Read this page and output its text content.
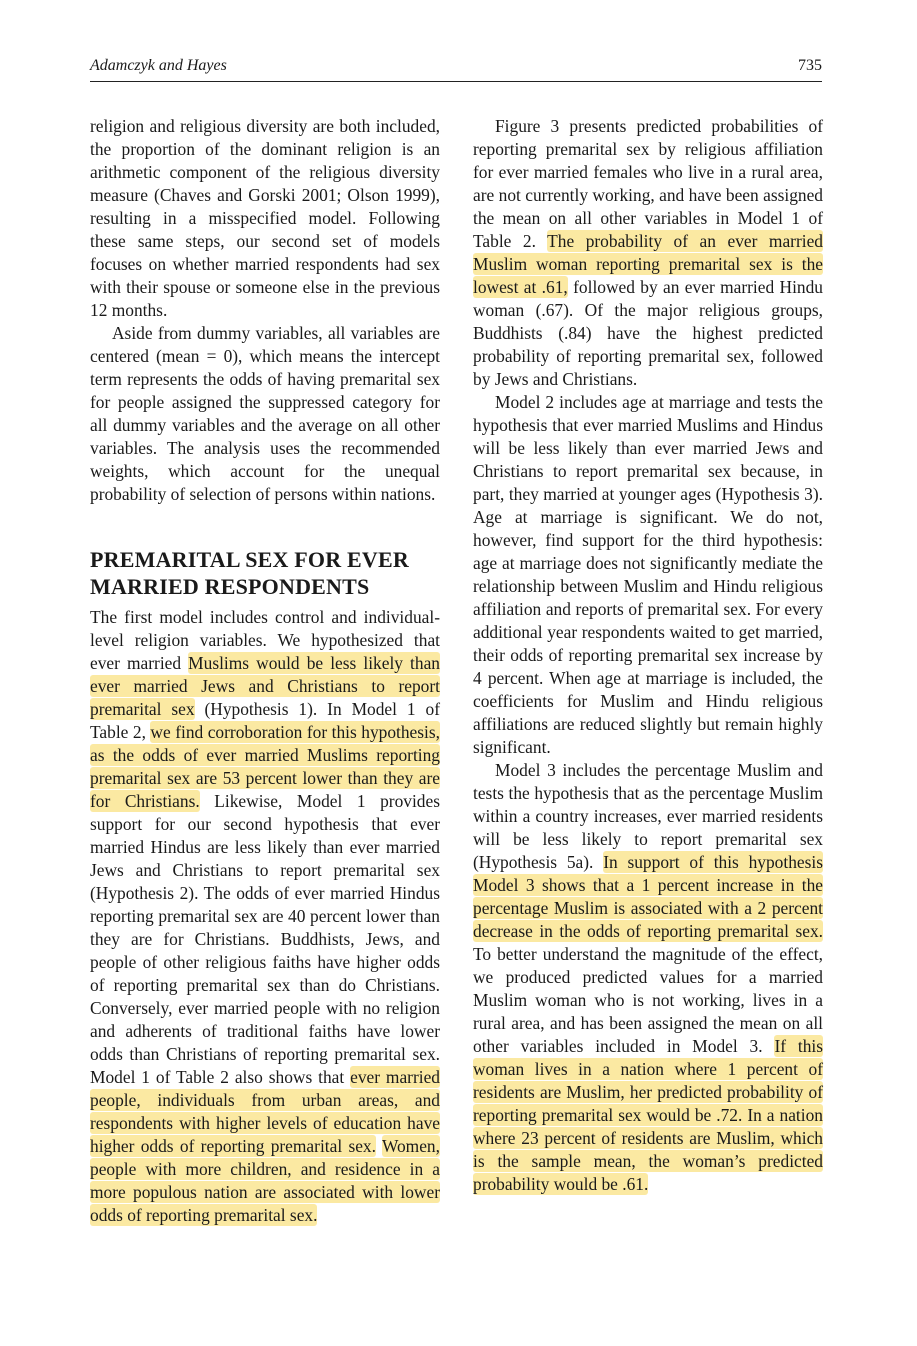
Adamczyk and Hayes	735

religion and religious diversity are both included, the proportion of the dominant religion is an arithmetic component of the religious diversity measure (Chaves and Gorski 2001; Olson 1999), resulting in a misspecified model. Following these same steps, our second set of models focuses on whether married respondents had sex with their spouse or someone else in the previous 12 months.

Aside from dummy variables, all variables are centered (mean = 0), which means the intercept term represents the odds of having premarital sex for people assigned the suppressed category for all dummy variables and the average on all other variables. The analysis uses the recommended weights, which account for the unequal probability of selection of persons within nations.

PREMARITAL SEX FOR EVER MARRIED RESPONDENTS

The first model includes control and individual-level religion variables. We hypothesized that ever married Muslims would be less likely than ever married Jews and Christians to report premarital sex (Hypothesis 1). In Model 1 of Table 2, we find corroboration for this hypothesis, as the odds of ever married Muslims reporting premarital sex are 53 percent lower than they are for Christians. Likewise, Model 1 provides support for our second hypothesis that ever married Hindus are less likely than ever married Jews and Christians to report premarital sex (Hypothesis 2). The odds of ever married Hindus reporting premarital sex are 40 percent lower than they are for Christians. Buddhists, Jews, and people of other religious faiths have higher odds of reporting premarital sex than do Christians. Conversely, ever married people with no religion and adherents of traditional faiths have lower odds than Christians of reporting premarital sex. Model 1 of Table 2 also shows that ever married people, individuals from urban areas, and respondents with higher levels of education have higher odds of reporting premarital sex. Women, people with more children, and residence in a more populous nation are associated with lower odds of reporting premarital sex.

Figure 3 presents predicted probabilities of reporting premarital sex by religious affiliation for ever married females who live in a rural area, are not currently working, and have been assigned the mean on all other variables in Model 1 of Table 2. The probability of an ever married Muslim woman reporting premarital sex is the lowest at .61, followed by an ever married Hindu woman (.67). Of the major religious groups, Buddhists (.84) have the highest predicted probability of reporting premarital sex, followed by Jews and Christians.

Model 2 includes age at marriage and tests the hypothesis that ever married Muslims and Hindus will be less likely than ever married Jews and Christians to report premarital sex because, in part, they married at younger ages (Hypothesis 3). Age at marriage is significant. We do not, however, find support for the third hypothesis: age at marriage does not significantly mediate the relationship between Muslim and Hindu religious affiliation and reports of premarital sex. For every additional year respondents waited to get married, their odds of reporting premarital sex increase by 4 percent. When age at marriage is included, the coefficients for Muslim and Hindu religious affiliations are reduced slightly but remain highly significant.

Model 3 includes the percentage Muslim and tests the hypothesis that as the percentage Muslim within a country increases, ever married residents will be less likely to report premarital sex (Hypothesis 5a). In support of this hypothesis Model 3 shows that a 1 percent increase in the percentage Muslim is associated with a 2 percent decrease in the odds of reporting premarital sex. To better understand the magnitude of the effect, we produced predicted values for a married Muslim woman who is not working, lives in a rural area, and has been assigned the mean on all other variables included in Model 3. If this woman lives in a nation where 1 percent of residents are Muslim, her predicted probability of reporting premarital sex would be .72. In a nation where 23 percent of residents are Muslim, which is the sample mean, the woman’s predicted probability would be .61.
